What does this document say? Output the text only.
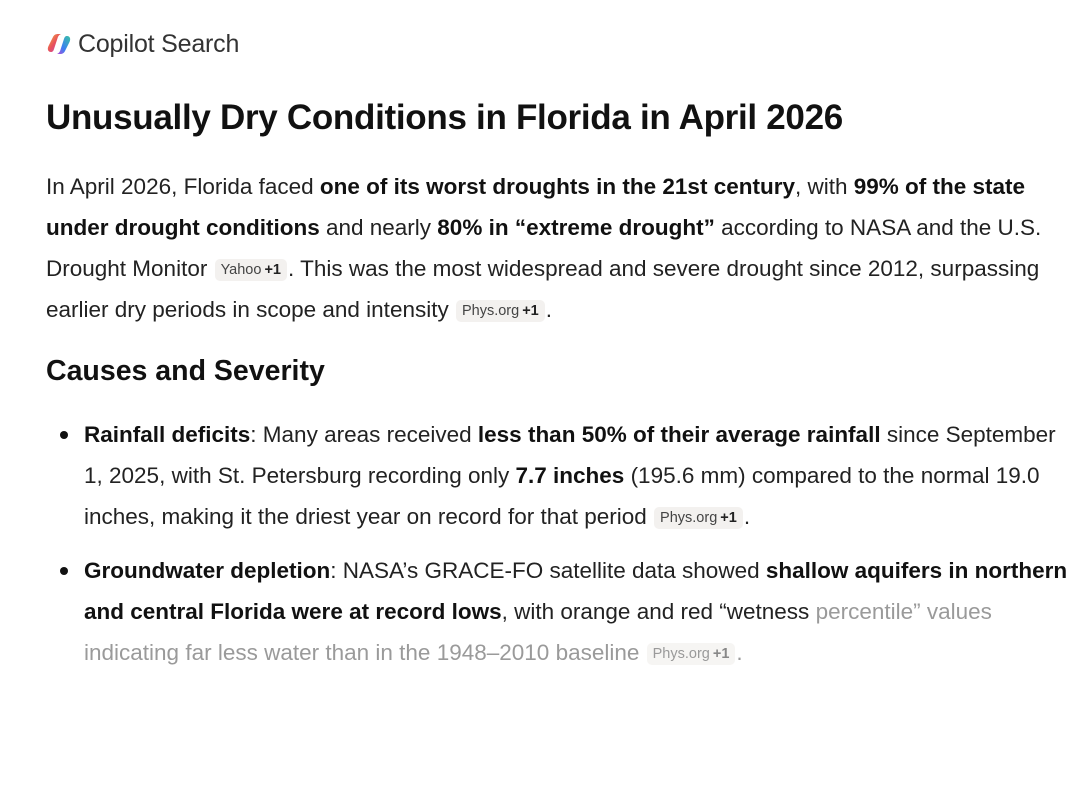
Copilot Search
Unusually Dry Conditions in Florida in April 2026

In April 2026, Florida faced one of its worst droughts in the 21st century, with 99% of the state under drought conditions and nearly 80% in “extreme drought” according to NASA and the U.S. Drought Monitor Yahoo +1 . This was the most widespread and severe drought since 2012, surpassing earlier dry periods in scope and intensity Phys.org +1 .

Causes and Severity
Rainfall deficits: Many areas received less than 50% of their average rainfall since September 1, 2025, with St. Petersburg recording only 7.7 inches (195.6 mm) compared to the normal 19.0 inches, making it the driest year on record for that period Phys.org +1 .
Groundwater depletion: NASA’s GRACE-FO satellite data showed shallow aquifers in northern and central Florida were at record lows, with orange and red “wetness percentile” values indicating far less water than in the 1948–2010 baseline Phys.org +1 .
